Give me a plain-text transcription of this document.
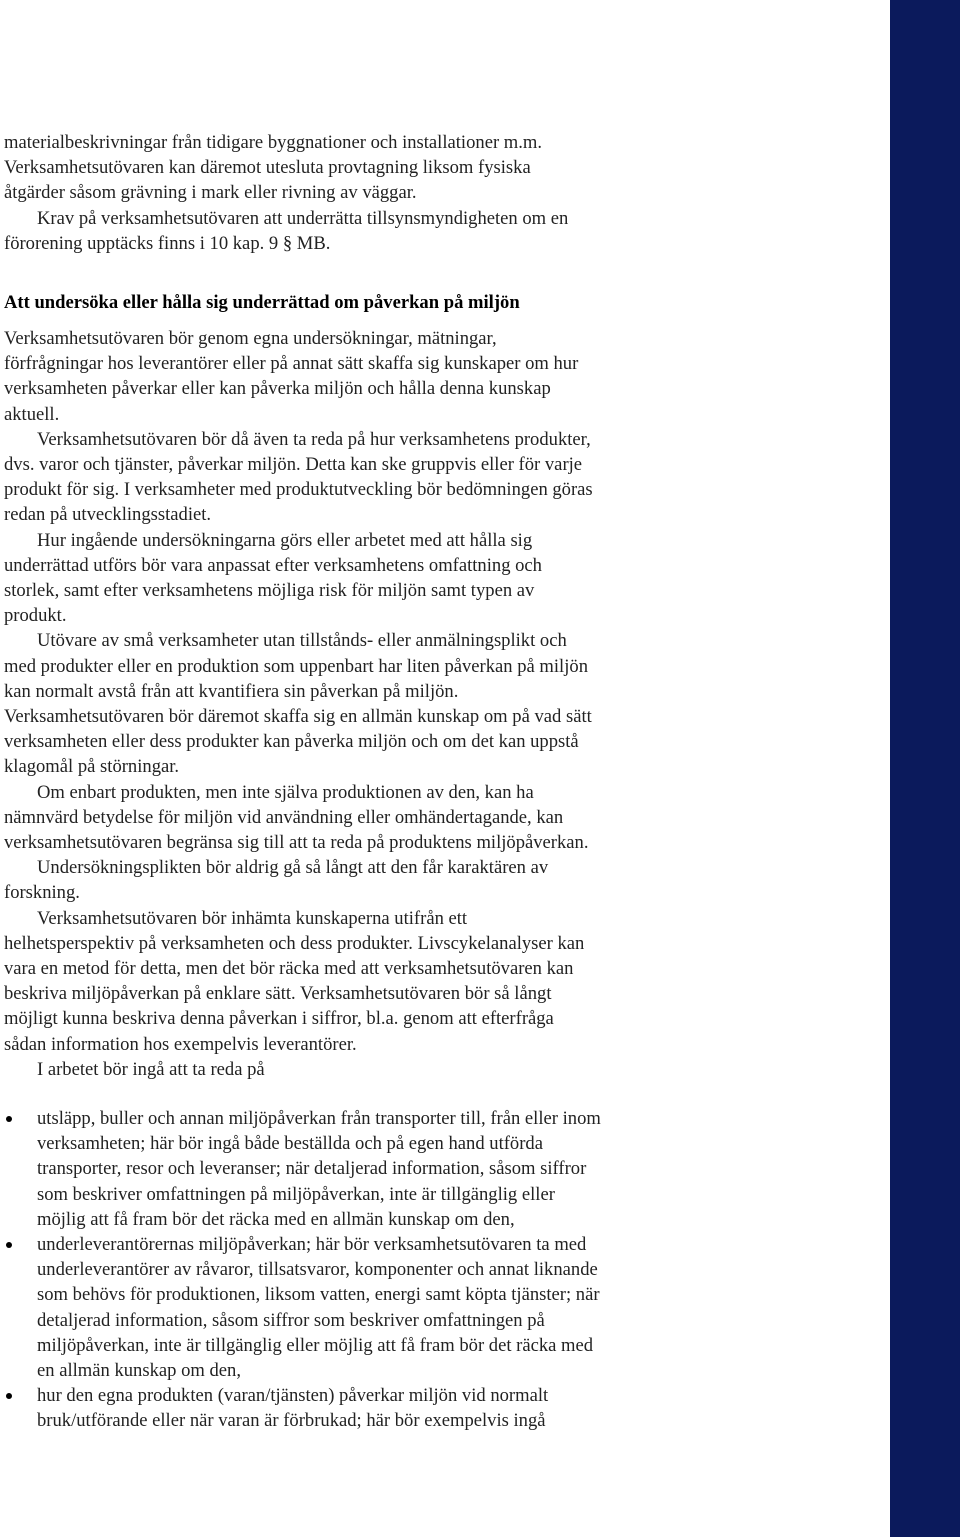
materialbeskrivningar från tidigare byggnationer och installationer m.m.

Verksamhetsutövaren kan däremot utesluta provtagning liksom fysiska

åtgärder såsom grävning i mark eller rivning av väggar.

Krav på verksamhetsutövaren att underrätta tillsynsmyndigheten om en

förorening upptäcks finns i 10 kap. 9 § MB.

Att undersöka eller hålla sig underrättad om påverkan på miljön

Verksamhetsutövaren bör genom egna undersökningar, mätningar,

förfrågningar hos leverantörer eller på annat sätt skaffa sig kunskaper om hur

verksamheten påverkar eller kan påverka miljön och hålla denna kunskap

aktuell.

Verksamhetsutövaren bör då även ta reda på hur verksamhetens produkter,

dvs. varor och tjänster, påverkar miljön. Detta kan ske gruppvis eller för varje

produkt för sig. I verksamheter med produktutveckling bör bedömningen göras

redan på utvecklingsstadiet.

Hur ingående undersökningarna görs eller arbetet med att hålla sig

underrättad utförs bör vara anpassat efter verksamhetens omfattning och

storlek, samt efter verksamhetens möjliga risk för miljön samt typen av

produkt.

Utövare av små verksamheter utan tillstånds- eller anmälningsplikt och

med produkter eller en produktion som uppenbart har liten påverkan på miljön

kan normalt avstå från att kvantifiera sin påverkan på miljön.

Verksamhetsutövaren bör däremot skaffa sig en allmän kunskap om på vad sätt

verksamheten eller dess produkter kan påverka miljön och om det kan uppstå

klagomål på störningar.

Om enbart produkten, men inte själva produktionen av den, kan ha

nämnvärd betydelse för miljön vid användning eller omhändertagande, kan

verksamhetsutövaren begränsa sig till att ta reda på produktens miljöpåverkan.

Undersökningsplikten bör aldrig gå så långt att den får karaktären av

forskning.

Verksamhetsutövaren bör inhämta kunskaperna utifrån ett

helhetsperspektiv på verksamheten och dess produkter. Livscykelanalyser kan

vara en metod för detta, men det bör räcka med att verksamhetsutövaren kan

beskriva miljöpåverkan på enklare sätt. Verksamhetsutövaren bör så långt

möjligt kunna beskriva denna påverkan i siffror, bl.a. genom att efterfråga

sådan information hos exempelvis leverantörer.

I arbetet bör ingå att ta reda på

utsläpp, buller och annan miljöpåverkan från transporter till, från eller inom
verksamheten; här bör ingå både beställda och på egen hand utförda
transporter, resor och leveranser; när detaljerad information, såsom siffror
som beskriver omfattningen på miljöpåverkan, inte är tillgänglig eller
möjlig att få fram bör det räcka med en allmän kunskap om den,
underleverantörernas miljöpåverkan; här bör verksamhetsutövaren ta med
underleverantörer av råvaror, tillsatsvaror, komponenter och annat liknande
som behövs för produktionen, liksom vatten, energi samt köpta tjänster; när
detaljerad information, såsom siffror som beskriver omfattningen på
miljöpåverkan, inte är tillgänglig eller möjlig att få fram bör det räcka med
en allmän kunskap om den,
hur den egna produkten (varan/tjänsten) påverkar miljön vid normalt
bruk/utförande eller när varan är förbrukad; här bör exempelvis ingå
